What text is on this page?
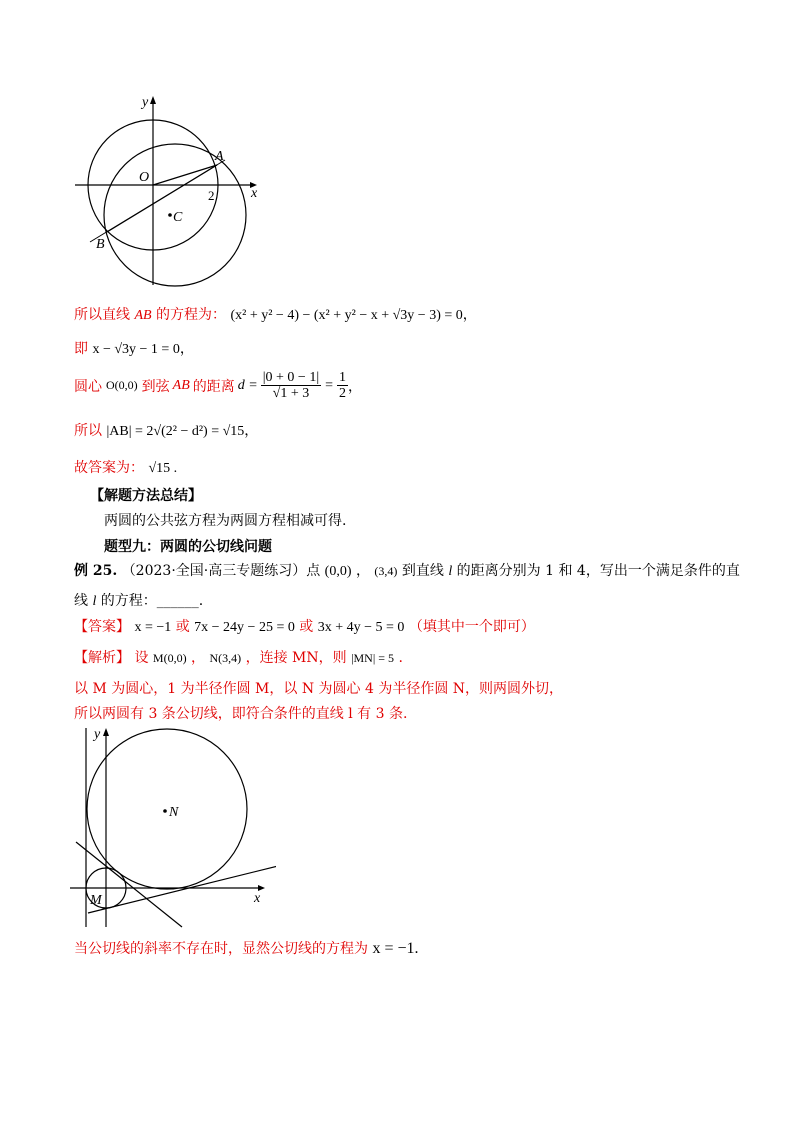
y
x
O
A
2
C
B
所以直线 AB 的方程为： (x² + y² − 4) − (x² + y² − x + √3y − 3) = 0，
即 x − √3y − 1 = 0，
圆心 O(0,0) 到弦 AB 的距离 $d = \frac{|0 + 0 - 1|}{√1 + 3} = \frac{1}{2}$ ，
所以 |AB| = 2√(2² − d²) = √15，
故答案为： √15 .
【解题方法总结】
两圆的公共弦方程为两圆方程相减可得.
题型九：两圆的公切线问题
例 25. （2023·全国·高三专题练习）点 (0,0) ， (3,4) 到直线 l 的距离分别为 1 和 4，写出一个满足条件的直
线 l 的方程：______.
【答案】 x = −1 或 7x − 24y − 25 = 0 或 3x + 4y − 5 = 0 （填其中一个即可）
【解析】 设 M(0,0) ， N(3,4) ，连接 MN，则 |MN| = 5 .
以 M 为圆心，1 为半径作圆 M，以 N 为圆心 4 为半径作圆 N，则两圆外切，
所以两圆有 3 条公切线，即符合条件的直线 l 有 3 条.
y
N
M	x
当公切线的斜率不存在时，显然公切线的方程为 x = −1.
